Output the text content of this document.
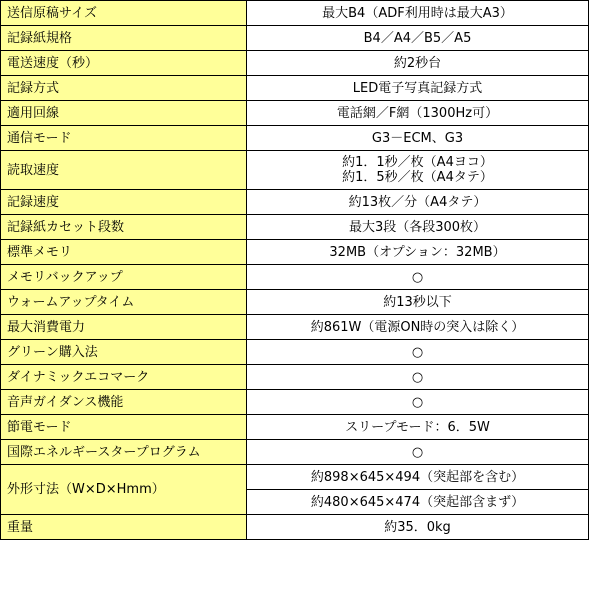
送信原稿サイズ	最大B4（ADF利用時は最大A3）
記録紙規格	B4／A4／B5／A5
電送速度（秒）	約2秒台
記録方式	LED電子写真記録方式
適用回線	電話網／F網（1300Hz可）
通信モード	G3－ECM、G3
読取速度	約1．1秒／枚（A4ヨコ）
約1．5秒／枚（A4タテ）

記録速度	約13枚／分（A4タテ）
記録紙カセット段数	最大3段（各段300枚）
標準メモリ	32MB（オプション：32MB）
メモリバックアップ	○
ウォームアップタイム	約13秒以下
最大消費電力	約861W（電源ON時の突入は除く）
グリーン購入法	○
ダイナミックエコマーク	○
音声ガイダンス機能	○
節電モード	スリープモード：6．5W
国際エネルギースタープログラム	○
外形寸法（W×D×Hmm）	約898×645×494（突起部を含む）
	約480×645×474（突起部含まず）
重量	約35．0kg
